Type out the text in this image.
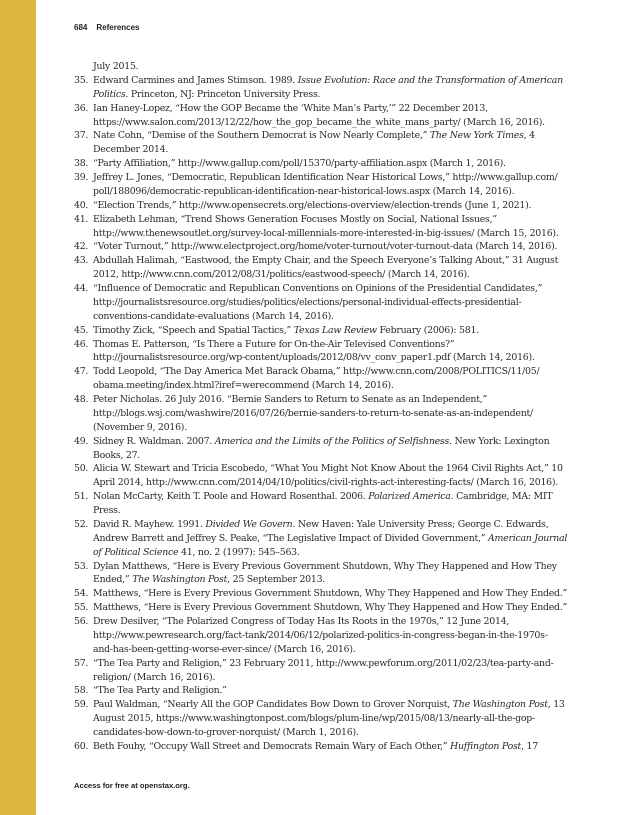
684 References
July 2015.
35. Edward Carmines and James Stimson. 1989. Issue Evolution: Race and the Transformation of American
Politics. Princeton, NJ: Princeton University Press.
36. Ian Haney-Lopez, “How the GOP Became the ‘White Man’s Party,’” 22 December 2013,
https://www.salon.com/2013/12/22/how_the_gop_became_the_white_mans_party/ (March 16, 2016).
37. Nate Cohn, “Demise of the Southern Democrat is Now Nearly Complete,” The New York Times, 4
December 2014.
38. “Party Affiliation,” http://www.gallup.com/poll/15370/party-affiliation.aspx (March 1, 2016).
39. Jeffrey L. Jones, “Democratic, Republican Identification Near Historical Lows,” http://www.gallup.com/
poll/188096/democratic-republican-identification-near-historical-lows.aspx (March 14, 2016).
40. “Election Trends,” http://www.opensecrets.org/elections-overview/election-trends (June 1, 2021).
41. Elizabeth Lehman, “Trend Shows Generation Focuses Mostly on Social, National Issues,”
http://www.thenewsoutlet.org/survey-local-millennials-more-interested-in-big-issues/ (March 15, 2016).
42. “Voter Turnout,” http://www.electproject.org/home/voter-turnout/voter-turnout-data (March 14, 2016).
43. Abdullah Halimah, “Eastwood, the Empty Chair, and the Speech Everyone’s Talking About,” 31 August
2012, http://www.cnn.com/2012/08/31/politics/eastwood-speech/ (March 14, 2016).
44. “Influence of Democratic and Republican Conventions on Opinions of the Presidential Candidates,”
http://journalistsresource.org/studies/politics/elections/personal-individual-effects-presidential-
conventions-candidate-evaluations (March 14, 2016).
45. Timothy Zick, “Speech and Spatial Tactics,” Texas Law Review February (2006): 581.
46. Thomas E. Patterson, “Is There a Future for On-the-Air Televised Conventions?”
http://journalistsresource.org/wp-content/uploads/2012/08/vv_conv_paper1.pdf (March 14, 2016).
47. Todd Leopold, “The Day America Met Barack Obama,” http://www.cnn.com/2008/POLITICS/11/05/
obama.meeting/index.html?iref=werecommend (March 14, 2016).
48. Peter Nicholas. 26 July 2016. “Bernie Sanders to Return to Senate as an Independent,”
http://blogs.wsj.com/washwire/2016/07/26/bernie-sanders-to-return-to-senate-as-an-independent/
(November 9, 2016).
49. Sidney R. Waldman. 2007. America and the Limits of the Politics of Selfishness. New York: Lexington
Books, 27.
50. Alicia W. Stewart and Tricia Escobedo, “What You Might Not Know About the 1964 Civil Rights Act,” 10
April 2014, http://www.cnn.com/2014/04/10/politics/civil-rights-act-interesting-facts/ (March 16, 2016).
51. Nolan McCarty, Keith T. Poole and Howard Rosenthal. 2006. Polarized America. Cambridge, MA: MIT
Press.
52. David R. Mayhew. 1991. Divided We Govern. New Haven: Yale University Press; George C. Edwards,
Andrew Barrett and Jeffrey S. Peake, “The Legislative Impact of Divided Government,” American Journal
of Political Science 41, no. 2 (1997): 545–563.
53. Dylan Matthews, “Here is Every Previous Government Shutdown, Why They Happened and How They
Ended,” The Washington Post, 25 September 2013.
54. Matthews, “Here is Every Previous Government Shutdown, Why They Happened and How They Ended.”
55. Matthews, “Here is Every Previous Government Shutdown, Why They Happened and How They Ended.”
56. Drew Desilver, “The Polarized Congress of Today Has Its Roots in the 1970s,” 12 June 2014,
http://www.pewresearch.org/fact-tank/2014/06/12/polarized-politics-in-congress-began-in-the-1970s-
and-has-been-getting-worse-ever-since/ (March 16, 2016).
57. “The Tea Party and Religion,” 23 February 2011, http://www.pewforum.org/2011/02/23/tea-party-and-
religion/ (March 16, 2016).
58. “The Tea Party and Religion.”
59. Paul Waldman, “Nearly All the GOP Candidates Bow Down to Grover Norquist, The Washington Post, 13
August 2015, https://www.washingtonpost.com/blogs/plum-line/wp/2015/08/13/nearly-all-the-gop-
candidates-bow-down-to-grover-norquist/ (March 1, 2016).
60. Beth Fouhy, “Occupy Wall Street and Democrats Remain Wary of Each Other,” Huffington Post, 17
Access for free at openstax.org.
